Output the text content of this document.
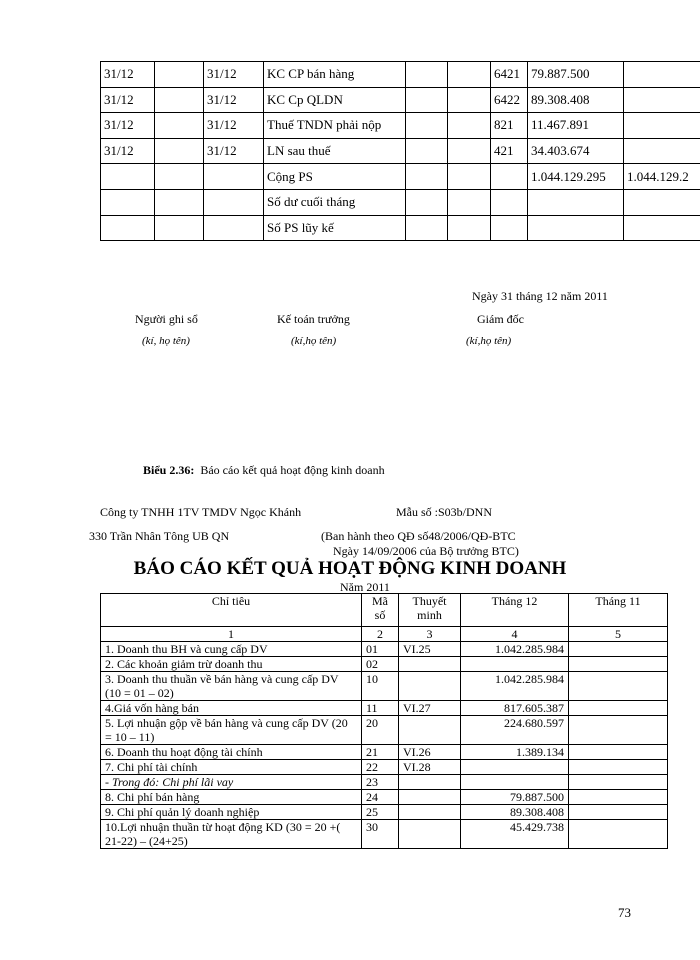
31/12		31/12	KC CP bán hàng			6421	79.887.500	
31/12		31/12	KC Cp QLDN			6422	89.308.408	
31/12		31/12	Thuế TNDN phải nộp			821	11.467.891	
31/12		31/12	LN sau thuế			421	34.403.674	
			Cộng PS				1.044.129.295	1.044.129.2
			Số dư cuối tháng					
			Số PS lũy kế					
Ngày 31 tháng 12 năm 2011
Người ghi sổ	Kế toán trưởng	Giám đốc
(kí, họ tên)	(kí,họ tên)	(kí,họ tên)
Biểu 2.36: Báo cáo kết quả hoạt động kinh doanh
Công ty TNHH 1TV TMDV Ngọc Khánh	Mẫu số :S03b/DNN
330 Trần Nhân Tông UB QN	(Ban hành theo QĐ số48/2006/QĐ-BTC
Ngày 14/09/2006 của Bộ trưởng BTC)
BÁO CÁO KẾT QUẢ HOẠT ĐỘNG KINH DOANH
Năm 2011
Chỉ tiêu	Mã số	Thuyết minh	Tháng 12	Tháng 11
1	2	3	4	5
1. Doanh thu BH và cung cấp DV	01	VI.25	1.042.285.984	
2. Các khoản giảm trừ doanh thu	02			
3. Doanh thu thuần về bán hàng và cung cấp DV (10 = 01 – 02)	10		1.042.285.984	
4.Giá vốn hàng bán	11	VI.27	817.605.387	
5. Lợi nhuận gộp về bán hàng và cung cấp DV (20 = 10 – 11)	20		224.680.597	
6. Doanh thu hoạt động tài chính	21	VI.26	1.389.134	
7. Chi phí tài chính	22	VI.28		
- Trong đó: Chi phí lãi vay	23			
8. Chi phí bán hàng	24		79.887.500	
9. Chi phí quản lý doanh nghiệp	25		89.308.408	
10.Lợi nhuận thuần từ hoạt động KD (30 = 20 +( 21-22) – (24+25)	30		45.429.738	
73
